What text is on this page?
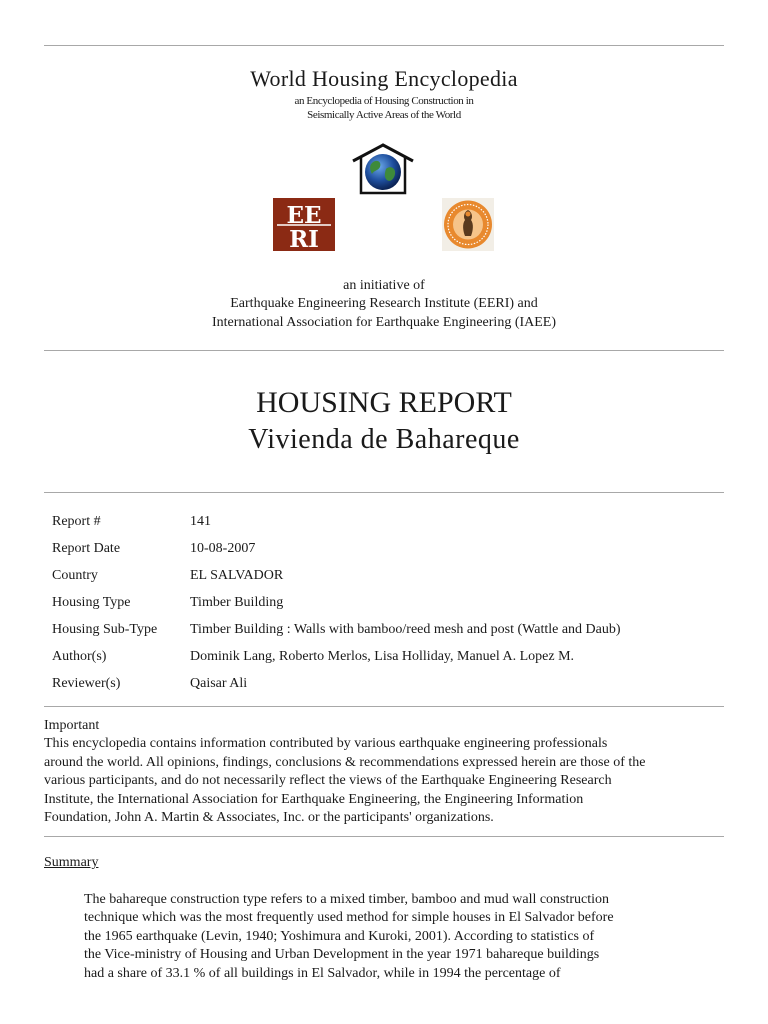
World Housing Encyclopedia
an Encyclopedia of Housing Construction in
Seismically Active Areas of the World
EE
RI
an initiative of
Earthquake Engineering Research Institute (EERI) and
International Association for Earthquake Engineering (IAEE)
HOUSING REPORT
Vivienda de Bahareque
Report #	141
Report Date	10-08-2007
Country	EL SALVADOR
Housing Type	Timber Building
Housing Sub-Type	Timber Building : Walls with bamboo/reed mesh and post (Wattle and Daub)
Author(s)	Dominik Lang, Roberto Merlos, Lisa Holliday, Manuel A. Lopez M.
Reviewer(s)	Qaisar Ali
Important
This encyclopedia contains information contributed by various earthquake engineering professionals
around the world. All opinions, findings, conclusions & recommendations expressed herein are those of the
various participants, and do not necessarily reflect the views of the Earthquake Engineering Research
Institute, the International Association for Earthquake Engineering, the Engineering Information
Foundation, John A. Martin & Associates, Inc. or the participants' organizations.
Summary
The bahareque construction type refers to a mixed timber, bamboo and mud wall construction
technique which was the most frequently used method for simple houses in El Salvador before
the 1965 earthquake (Levin, 1940; Yoshimura and Kuroki, 2001). According to statistics of
the Vice-ministry of Housing and Urban Development in the year 1971 bahareque buildings
had a share of 33.1 % of all buildings in El Salvador, while in 1994 the percentage of
